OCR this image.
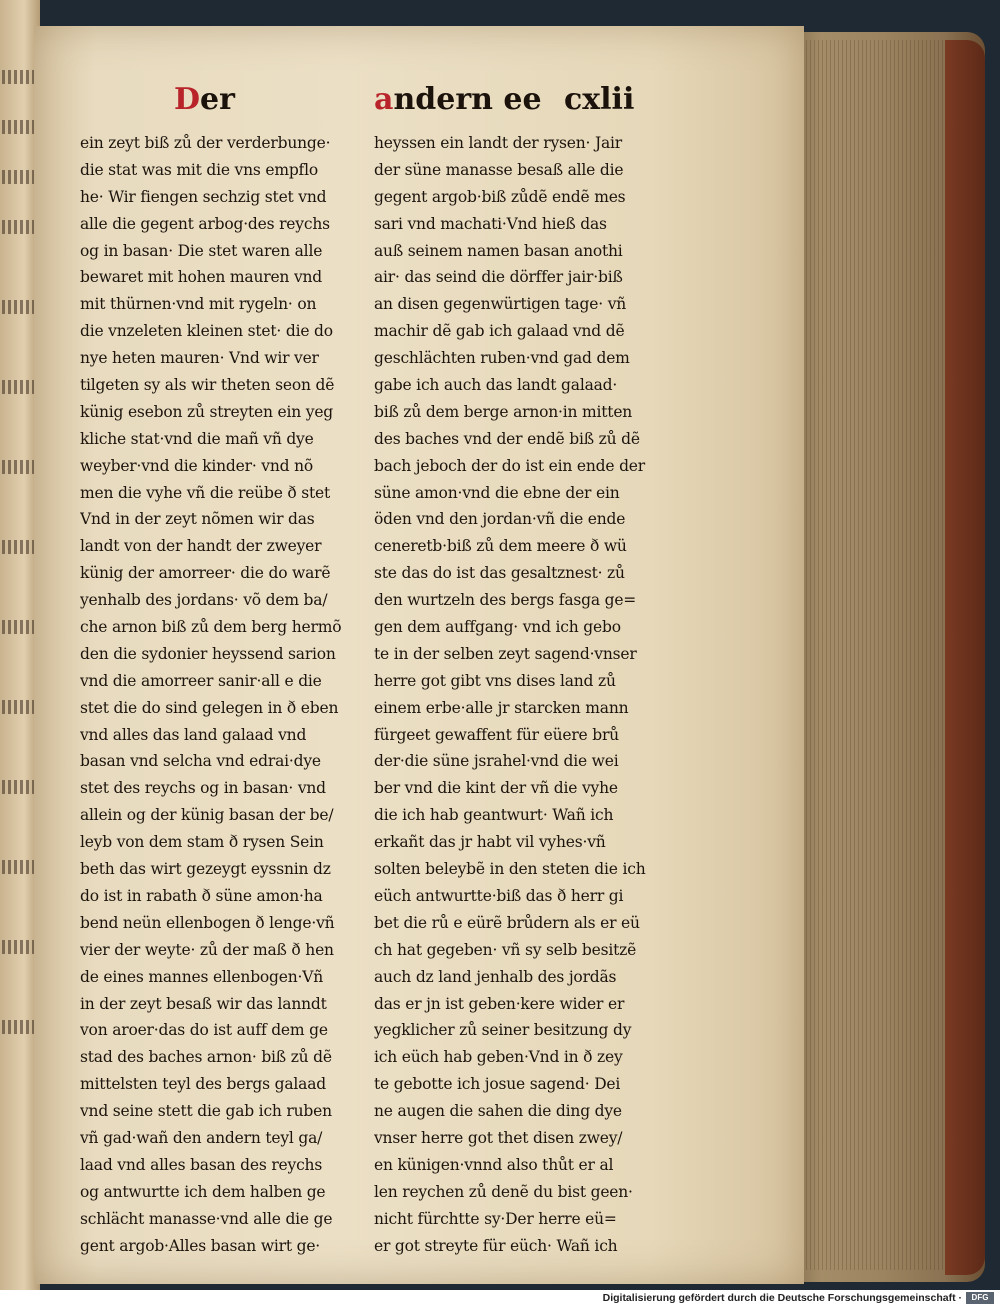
Der	andern ee cxlii
ein zeyt biß zů der verderbunge·
die stat was mit die vns empflo
he· Wir fiengen sechzig stet vnd
alle die gegent arbog·des reychs
og in basan· Die stet waren alle
bewaret mit hohen mauren vnd
mit thürnen·vnd mit rygeln· on
die vnzeleten kleinen stet· die do
nye heten mauren· Vnd wir ver
tilgeten sy als wir theten seon dẽ
künig esebon zů streyten ein yeg
kliche stat·vnd die mañ vñ dye
weyber·vnd die kinder· vnd nõ
men die vyhe vñ die reübe ð stet
Vnd in der zeyt nõmen wir das
landt von der handt der zweyer
künig der amorreer· die do warẽ
yenhalb des jordans· võ dem ba/
che arnon biß zů dem berg hermõ
den die sydonier heyssend sarion
vnd die amorreer sanir·all e die
stet die do sind gelegen in ð eben
vnd alles das land galaad vnd
basan vnd selcha vnd edrai·dye
stet des reychs og in basan· vnd
allein og der künig basan der be/
leyb von dem stam ð rysen Sein
beth das wirt gezeygt eyssnin dz
do ist in rabath ð süne amon·ha
bend neün ellenbogen ð lenge·vñ
vier der weyte· zů der maß ð hen
de eines mannes ellenbogen·Vñ
in der zeyt besaß wir das lanndt
von aroer·das do ist auff dem ge
stad des baches arnon· biß zů dẽ
mittelsten teyl des bergs galaad
vnd seine stett die gab ich ruben
vñ gad·wañ den andern teyl ga/
laad vnd alles basan des reychs
og antwurtte ich dem halben ge
schlächt manasse·vnd alle die ge
gent argob·Alles basan wirt ge·
heyssen ein landt der rysen· Jair
der süne manasse besaß alle die
gegent argob·biß zůdẽ endẽ mes
sari vnd machati·Vnd hieß das
auß seinem namen basan anothi
air· das seind die dörffer jair·biß
an disen gegenwürtigen tage· vñ
machir dẽ gab ich galaad vnd dẽ
geschlächten ruben·vnd gad dem
gabe ich auch das landt galaad·
biß zů dem berge arnon·in mitten
des baches vnd der endẽ biß zů dẽ
bach jeboch der do ist ein ende der
süne amon·vnd die ebne der ein
öden vnd den jordan·vñ die ende
ceneretb·biß zů dem meere ð wü
ste das do ist das gesaltznest· zů
den wurtzeln des bergs fasga ge=
gen dem auffgang· vnd ich gebo
te in der selben zeyt sagend·vnser
herre got gibt vns dises land zů
einem erbe·alle jr starcken mann
fürgeet gewaffent für eüere brů
der·die süne jsrahel·vnd die wei
ber vnd die kint der vñ die vyhe
die ich hab geantwurt· Wañ ich
erkañt das jr habt vil vyhes·vñ
solten beleybẽ in den steten die ich
eüch antwurtte·biß das ð herr gi
bet die rů e eürẽ brůdern als er eü
ch hat gegeben· vñ sy selb besitzẽ
auch dz land jenhalb des jordãs
das er jn ist geben·kere wider er
yegklicher zů seiner besitzung dy
ich eüch hab geben·Vnd in ð zey
te gebotte ich josue sagend· Dei
ne augen die sahen die ding dye
vnser herre got thet disen zwey/
en künigen·vnnd also thůt er al
len reychen zů denẽ du bist geen·
nicht fürchtte sy·Der herre eü=
er got streyte für eüch· Wañ ich
Digitalisierung gefördert durch die Deutsche Forschungsgemeinschaft ·	DFG
